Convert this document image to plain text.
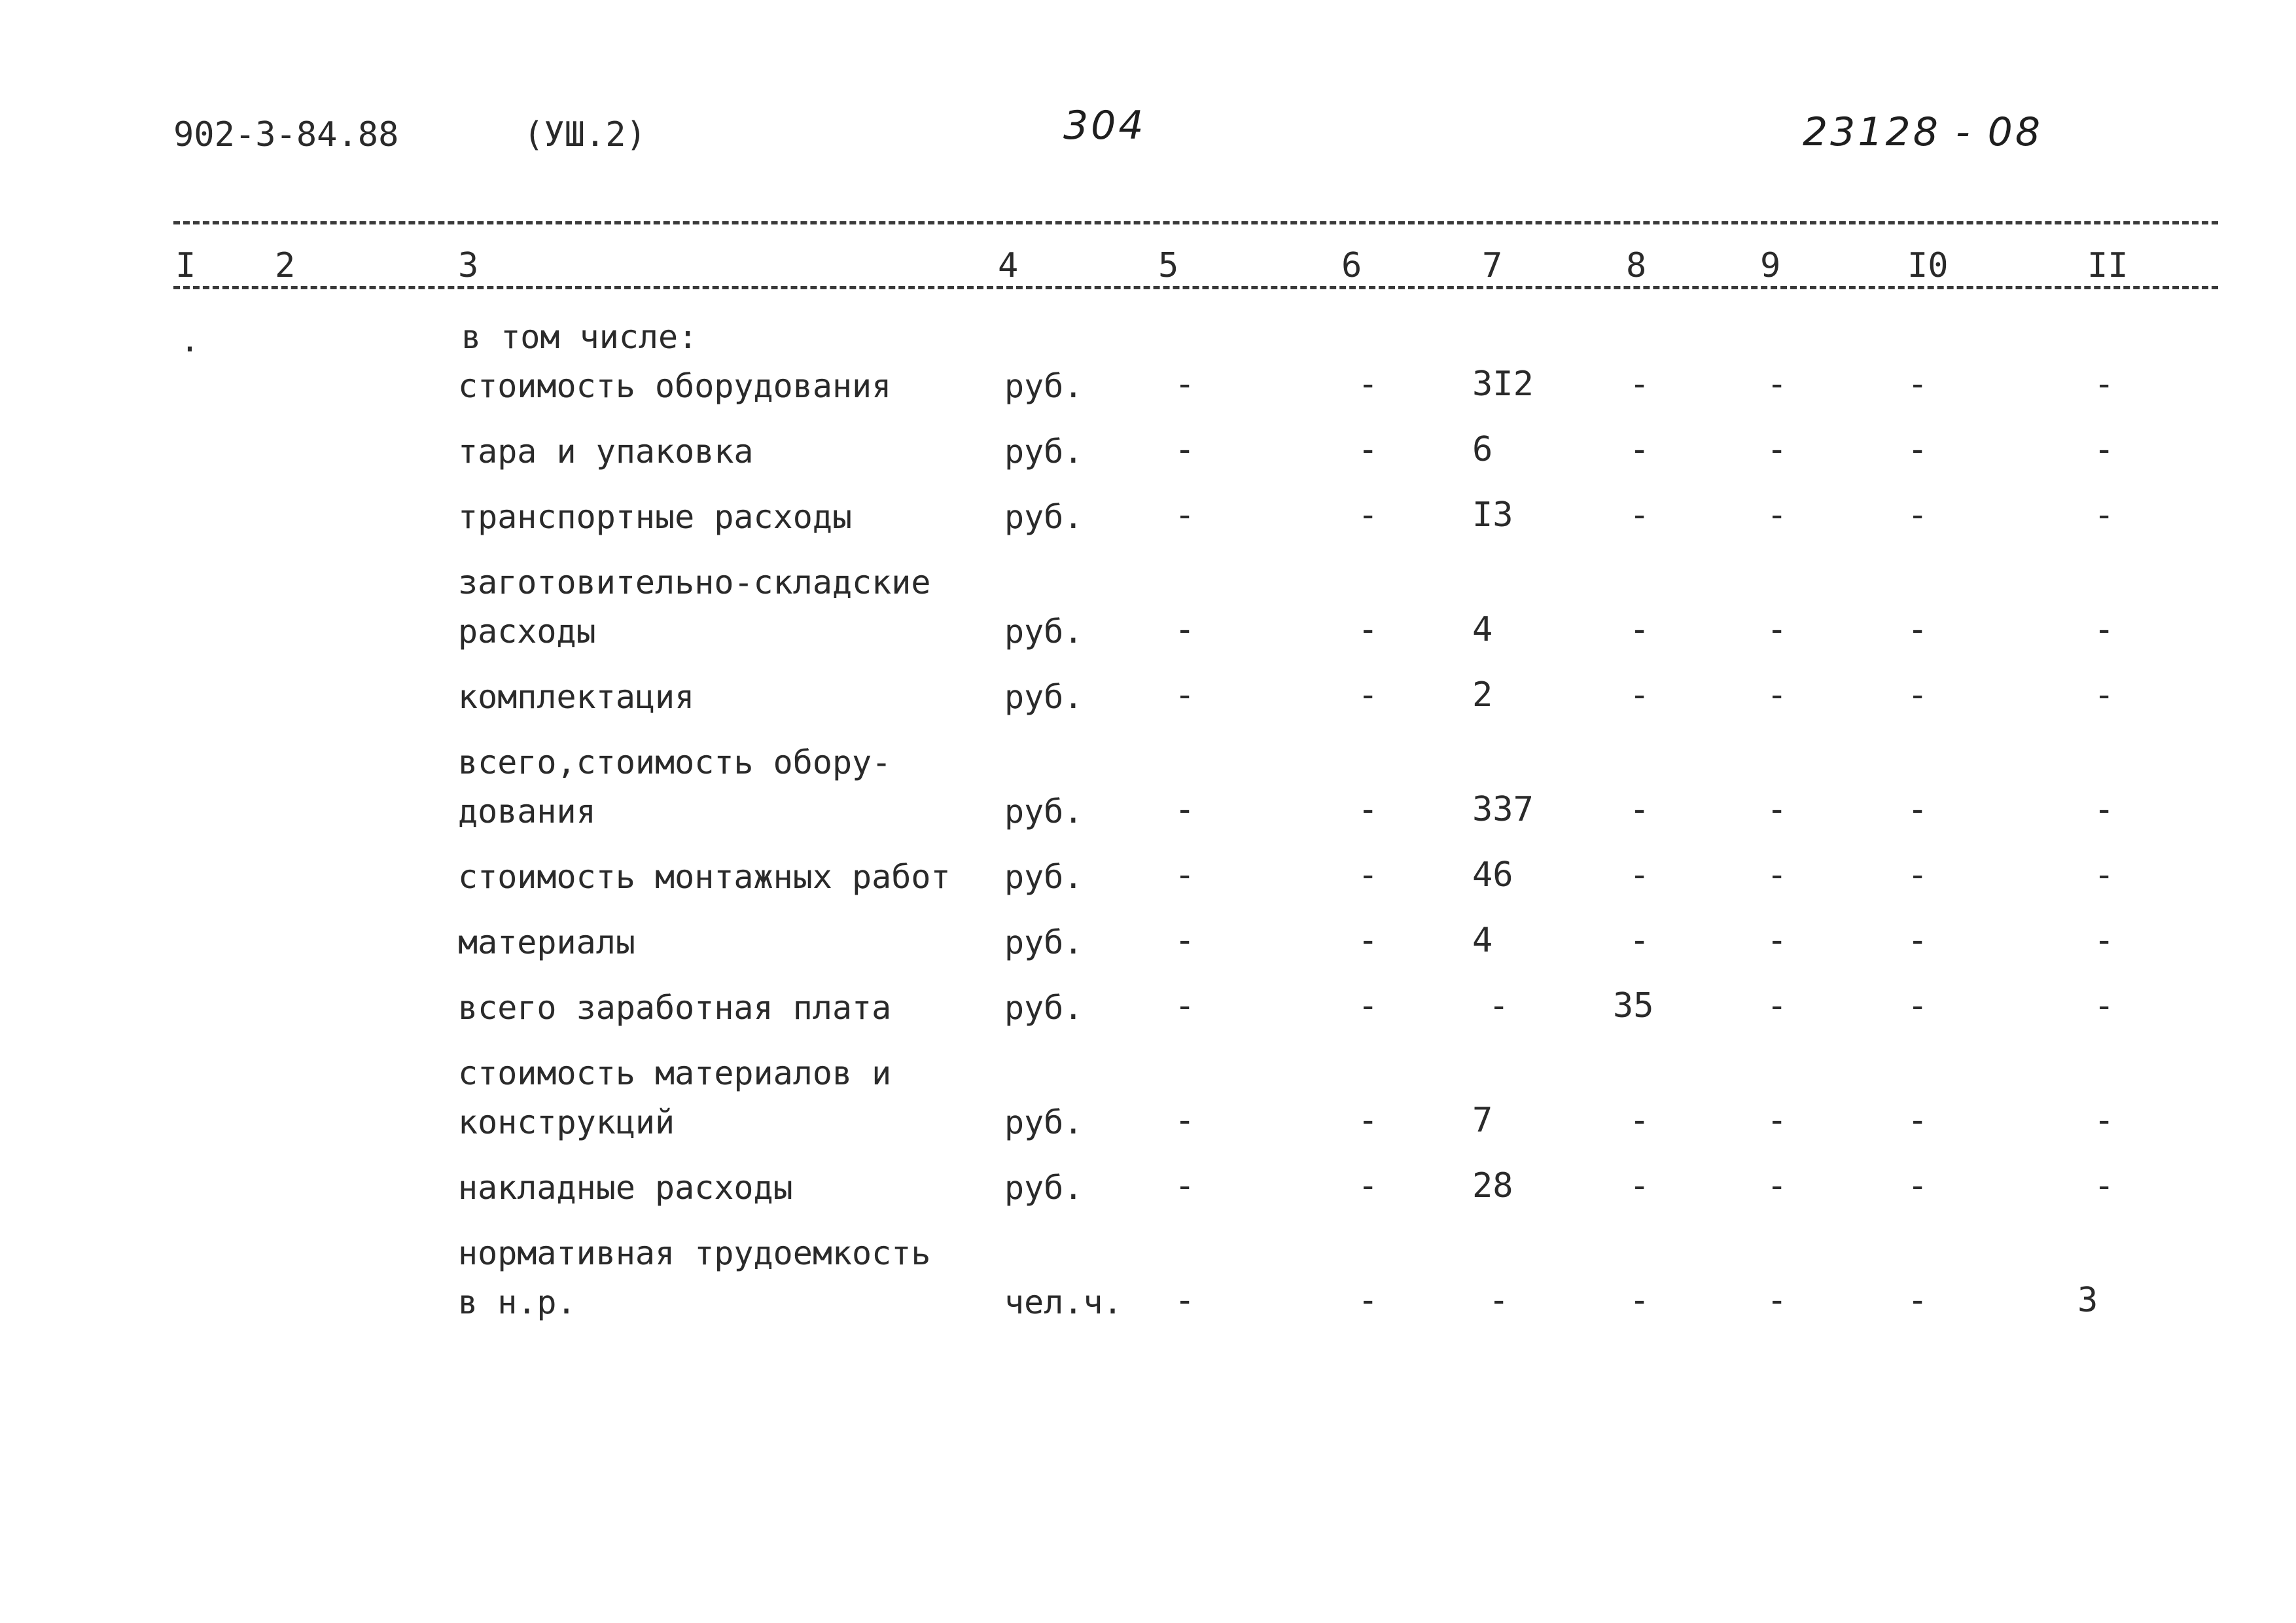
902-3-84.88	(УШ.2)	304	23128 - 08
I 2	3	4	5	6	7	8	9	I0	II
.	в том числе:
стоимость оборудования	руб.	-	-	3I2	-	-	-	-
тара и упаковка	руб.	-	-	6	-	-	-	-
транспортные расходы	руб.	-	-	I3	-	-	-	-
заготовительно-складские
расходы	руб.	-	-	4	-	-	-	-
комплектация	руб.	-	-	2	-	-	-	-
всего,стоимость обору-
дования	руб.	-	-	337	-	-	-	-
стоимость монтажных работ руб.	-	-	46	-	-	-	-
материалы	руб.	-	-	4	-	-	-	-
всего заработная плата	руб.	-	-	-	35	-	-	-
стоимость материалов и
конструкций	руб.	-	-	7	-	-	-	-
накладные расходы	руб.	-	-	28	-	-	-	-
нормативная трудоемкость
в н.р.	чел.ч. -	-	-	-	-	-	3
